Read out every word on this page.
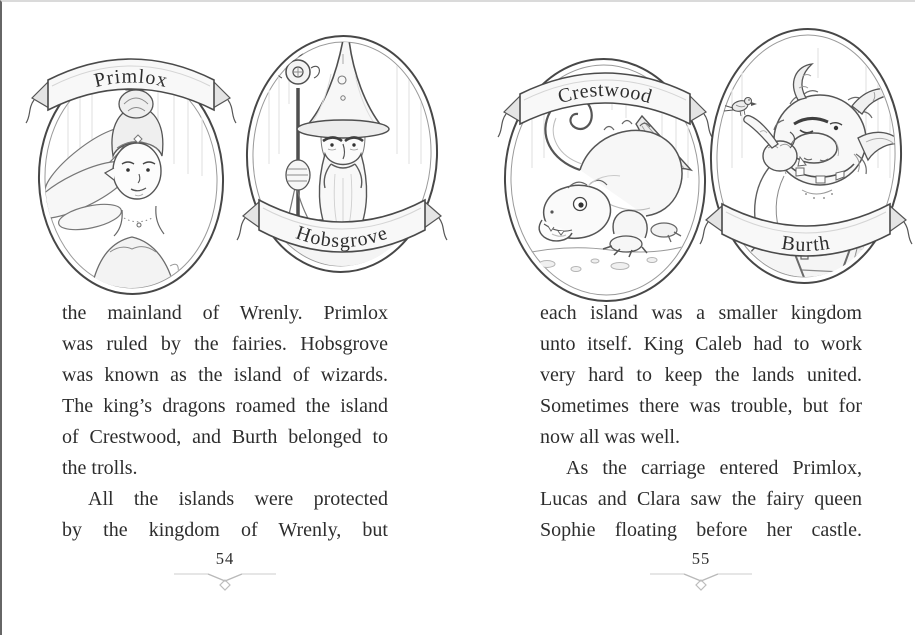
Primlox
Hobsgrove
Crestwood
Burth
the mainland of Wrenly. Primlox
was ruled by the fairies. Hobsgrove
was known as the island of wizards.
The king’s dragons roamed the island
of Crestwood, and Burth belonged to
the trolls.
All the islands were protected
by the kingdom of Wrenly, but
each island was a smaller kingdom
unto itself. King Caleb had to work
very hard to keep the lands united.
Sometimes there was trouble, but for
now all was well.
As the carriage entered Primlox,
Lucas and Clara saw the fairy queen
Sophie floating before her castle.
54	55
